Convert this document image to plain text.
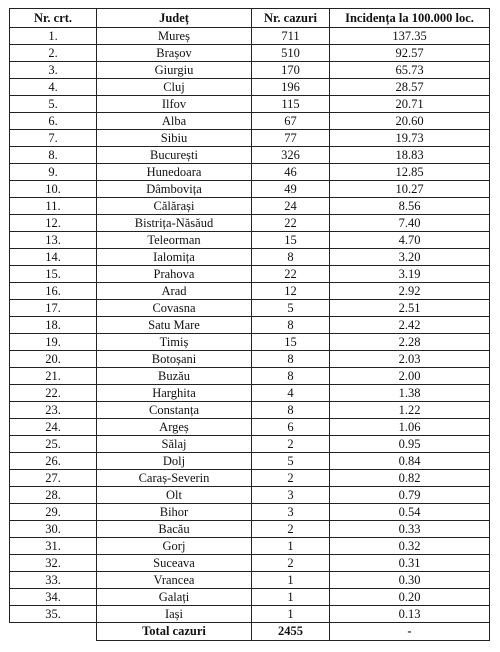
Nr. crt.	Județ	Nr. cazuri	Incidența la 100.000 loc.
1.	Mureș	711	137.35
2.	Brașov	510	92.57
3.	Giurgiu	170	65.73
4.	Cluj	196	28.57
5.	Ilfov	115	20.71
6.	Alba	67	20.60
7.	Sibiu	77	19.73
8.	București	326	18.83
9.	Hunedoara	46	12.85
10.	Dâmbovița	49	10.27
11.	Călărași	24	8.56
12.	Bistrița-Năsăud	22	7.40
13.	Teleorman	15	4.70
14.	Ialomița	8	3.20
15.	Prahova	22	3.19
16.	Arad	12	2.92
17.	Covasna	5	2.51
18.	Satu Mare	8	2.42
19.	Timiș	15	2.28
20.	Botoșani	8	2.03
21.	Buzău	8	2.00
22.	Harghita	4	1.38
23.	Constanța	8	1.22
24.	Argeș	6	1.06
25.	Sălaj	2	0.95
26.	Dolj	5	0.84
27.	Caraș-Severin	2	0.82
28.	Olt	3	0.79
29.	Bihor	3	0.54
30.	Bacău	2	0.33
31.	Gorj	1	0.32
32.	Suceava	2	0.31
33.	Vrancea	1	0.30
34.	Galați	1	0.20
35.	Iași	1	0.13
	Total cazuri	2455	-
